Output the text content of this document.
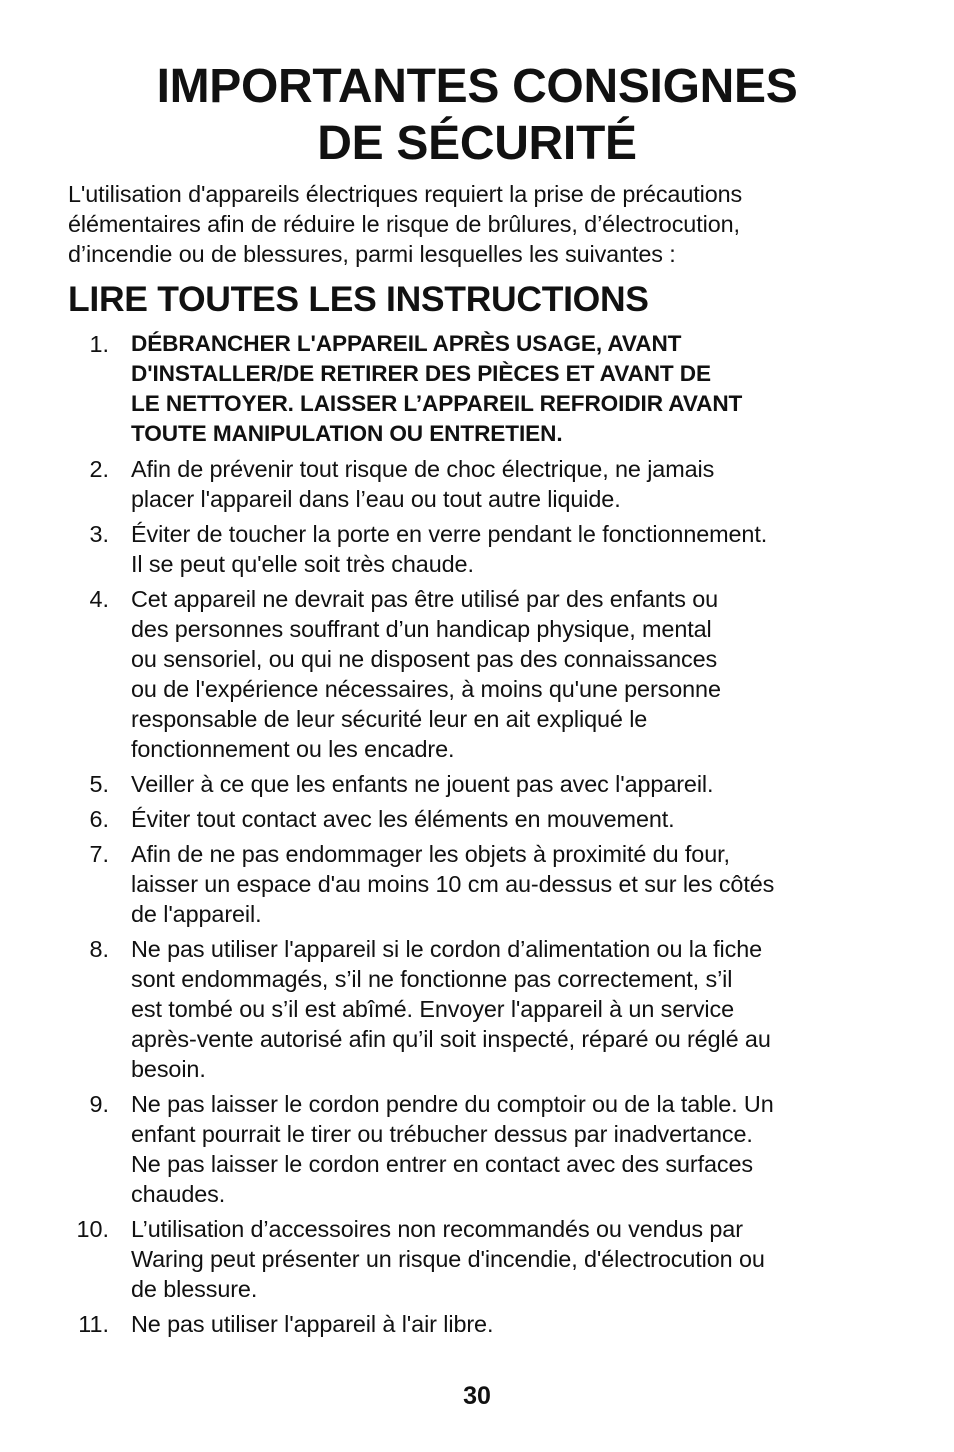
IMPORTANTES CONSIGNES
DE SÉCURITÉ

L'utilisation d'appareils électriques requiert la prise de précautions
élémentaires afin de réduire le risque de brûlures, d’électrocution,
d’incendie ou de blessures, parmi lesquelles les suivantes :

LIRE TOUTES LES INSTRUCTIONS
1. DÉBRANCHER L'APPAREIL APRÈS USAGE, AVANT
D'INSTALLER/DE RETIRER DES PIÈCES ET AVANT DE
LE NETTOYER. LAISSER L’APPAREIL REFROIDIR AVANT
TOUTE MANIPULATION OU ENTRETIEN.
2. Afin de prévenir tout risque de choc électrique, ne jamais
placer l'appareil dans l’eau ou tout autre liquide.
3. Éviter de toucher la porte en verre pendant le fonctionnement.
Il se peut qu'elle soit très chaude.
4. Cet appareil ne devrait pas être utilisé par des enfants ou
des personnes souffrant d’un handicap physique, mental
ou sensoriel, ou qui ne disposent pas des connaissances
ou de l'expérience nécessaires, à moins qu'une personne
responsable de leur sécurité leur en ait expliqué le
fonctionnement ou les encadre.
5. Veiller à ce que les enfants ne jouent pas avec l'appareil.
6. Éviter tout contact avec les éléments en mouvement.
7. Afin de ne pas endommager les objets à proximité du four,
laisser un espace d'au moins 10 cm au-dessus et sur les côtés
de l'appareil.
8. Ne pas utiliser l'appareil si le cordon d’alimentation ou la fiche
sont endommagés, s’il ne fonctionne pas correctement, s’il
est tombé ou s’il est abîmé. Envoyer l'appareil à un service
après-vente autorisé afin qu’il soit inspecté, réparé ou réglé au
besoin.
9. Ne pas laisser le cordon pendre du comptoir ou de la table. Un
enfant pourrait le tirer ou trébucher dessus par inadvertance.
Ne pas laisser le cordon entrer en contact avec des surfaces
chaudes.
10. L’utilisation d’accessoires non recommandés ou vendus par
Waring peut présenter un risque d'incendie, d'électrocution ou
de blessure.
11. Ne pas utiliser l'appareil à l'air libre.
30
